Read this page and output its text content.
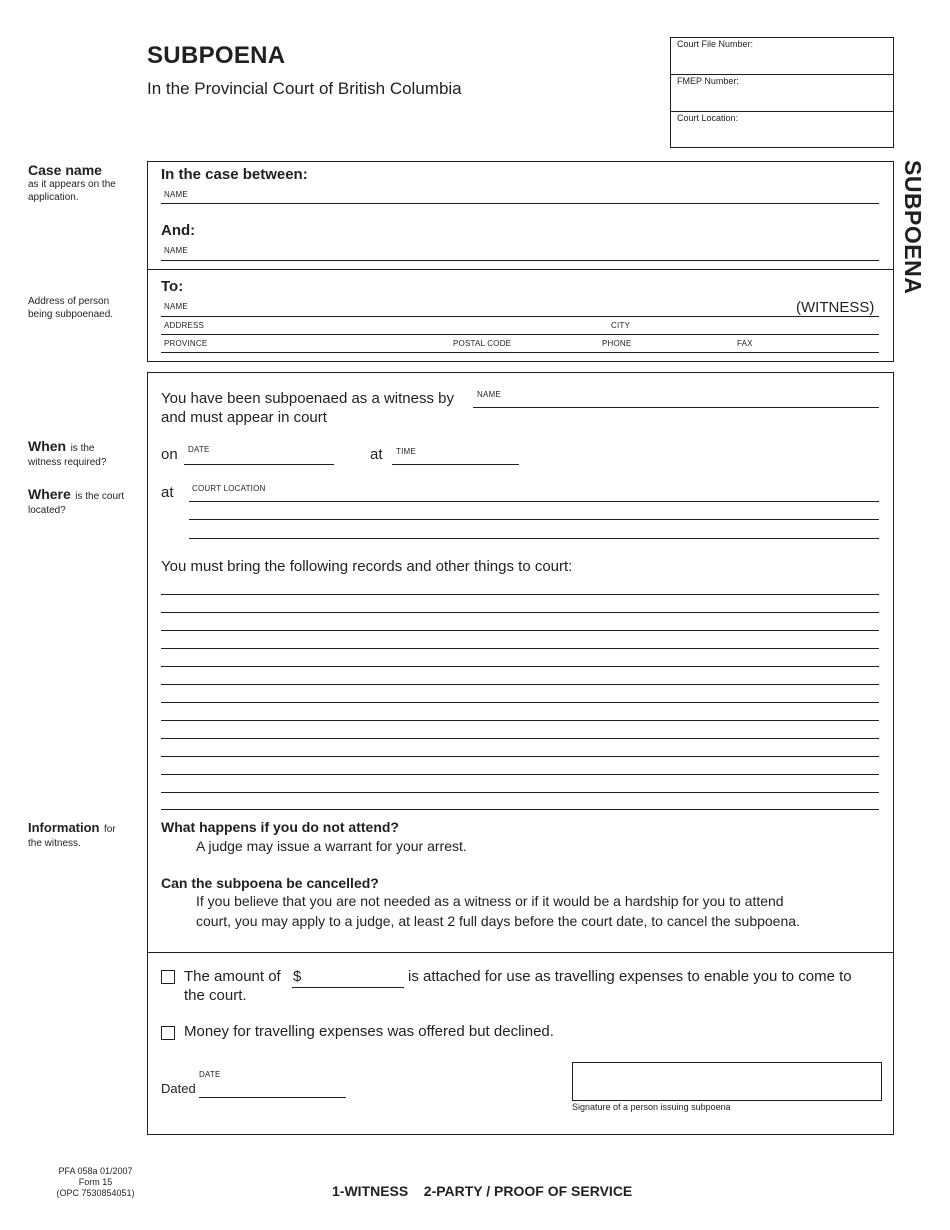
SUBPOENA
In the Provincial Court of British Columbia
Court File Number:
FMEP Number:
Court Location:
SUBPOENA
Case name
as it appears on the application.
Address of person
being subpoenaed.
When is the
witness required?
Where is the court
located?
Information for
the witness.
In the case between:
NAME
And:
NAME
To:
NAME	(WITNESS)
ADDRESS	CITY
PROVINCE	POSTAL CODE	PHONE	FAX
You have been subpoenaed as a witness by	NAME
and must appear in court
on DATE	at TIME
at COURT LOCATION
You must bring the following records and other things to court:
What happens if you do not attend?
A judge may issue a warrant for your arrest.
Can the subpoena be cancelled?
If you believe that you are not needed as a witness or if it would be a hardship for you to attend
court, you may apply to a judge, at least 2 full days before the court date, to cancel the subpoena.
The amount of $	is attached for use as travelling expenses to enable you to come to
the court.
Money for travelling expenses was offered but declined.
DATE
Dated
Signature of a person issuing subpoena
PFA 058a 01/2007
Form 15
(OPC 7530854051)	1-WITNESS    2-PARTY / PROOF OF SERVICE
